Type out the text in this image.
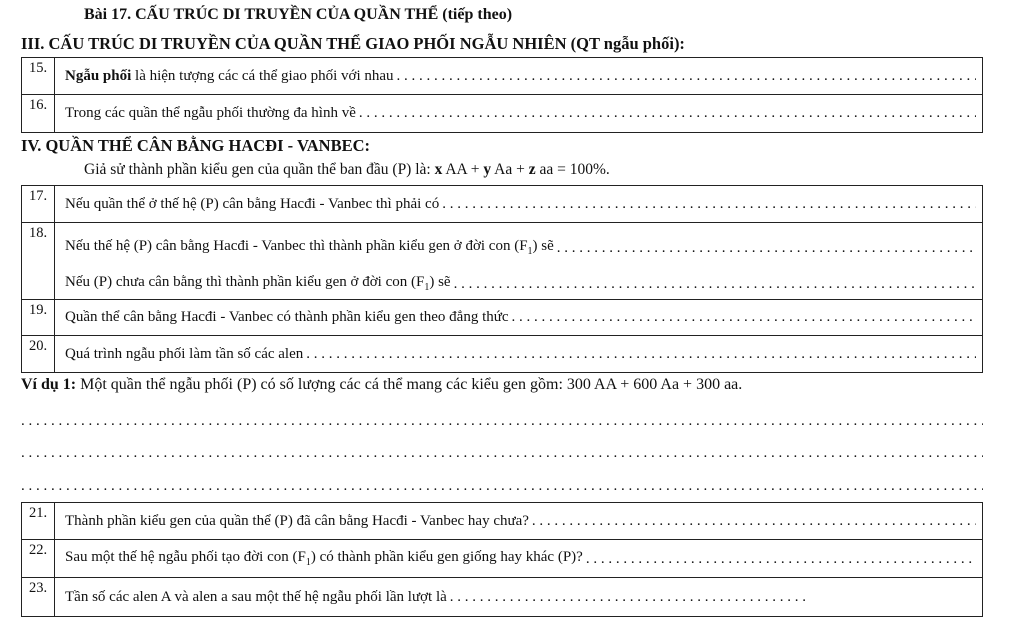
Bài 17. CẤU TRÚC DI TRUYỀN CỦA QUẦN THỂ (tiếp theo)
III. CẤU TRÚC DI TRUYỀN CỦA QUẦN THỂ GIAO PHỐI NGẪU NHIÊN (QT ngẫu phối):
15.	Ngẫu phối là hiện tượng các cá thể giao phối với nhau
. . .

16.	Trong các quần thể ngẫu phối thường đa hình về
. . .
IV. QUẦN THỂ CÂN BẰNG HACĐI - VANBEC:
Giả sử thành phần kiểu gen của quần thể ban đầu (P) là: x AA + y Aa + z aa = 100%.
17.	Nếu quần thể ở thế hệ (P) cân bằng Hacđi - Vanbec thì phải có
. . .

18.	Nếu thế hệ (P) cân bằng Hacđi - Vanbec thì thành phần kiểu gen ở đời con $(F_1)$ sẽ
. . .
Nếu (P) chưa cân bằng thì thành phần kiểu gen ở đời con $(F_1)$ sẽ
. . .

19.	Quần thể cân bằng Hacđi - Vanbec có thành phần kiểu gen theo đẳng thức
. . .

20.	Quá trình ngẫu phối làm tần số các alen
. . .
Ví dụ 1: Một quần thể ngẫu phối (P) có số lượng các cá thể mang các kiểu gen gồm: 300 AA + 600 Aa + 300 aa.
. . .
. . .
. . .
21.	Thành phần kiểu gen của quần thể (P) đã cân bằng Hacđi - Vanbec hay chưa?
. . .

22.	Sau một thế hệ ngẫu phối tạo đời con $(F_1)$ có thành phần kiểu gen giống hay khác (P)?
. . .

23.	Tần số các alen A và alen a sau một thế hệ ngẫu phối lần lượt là
. . .
